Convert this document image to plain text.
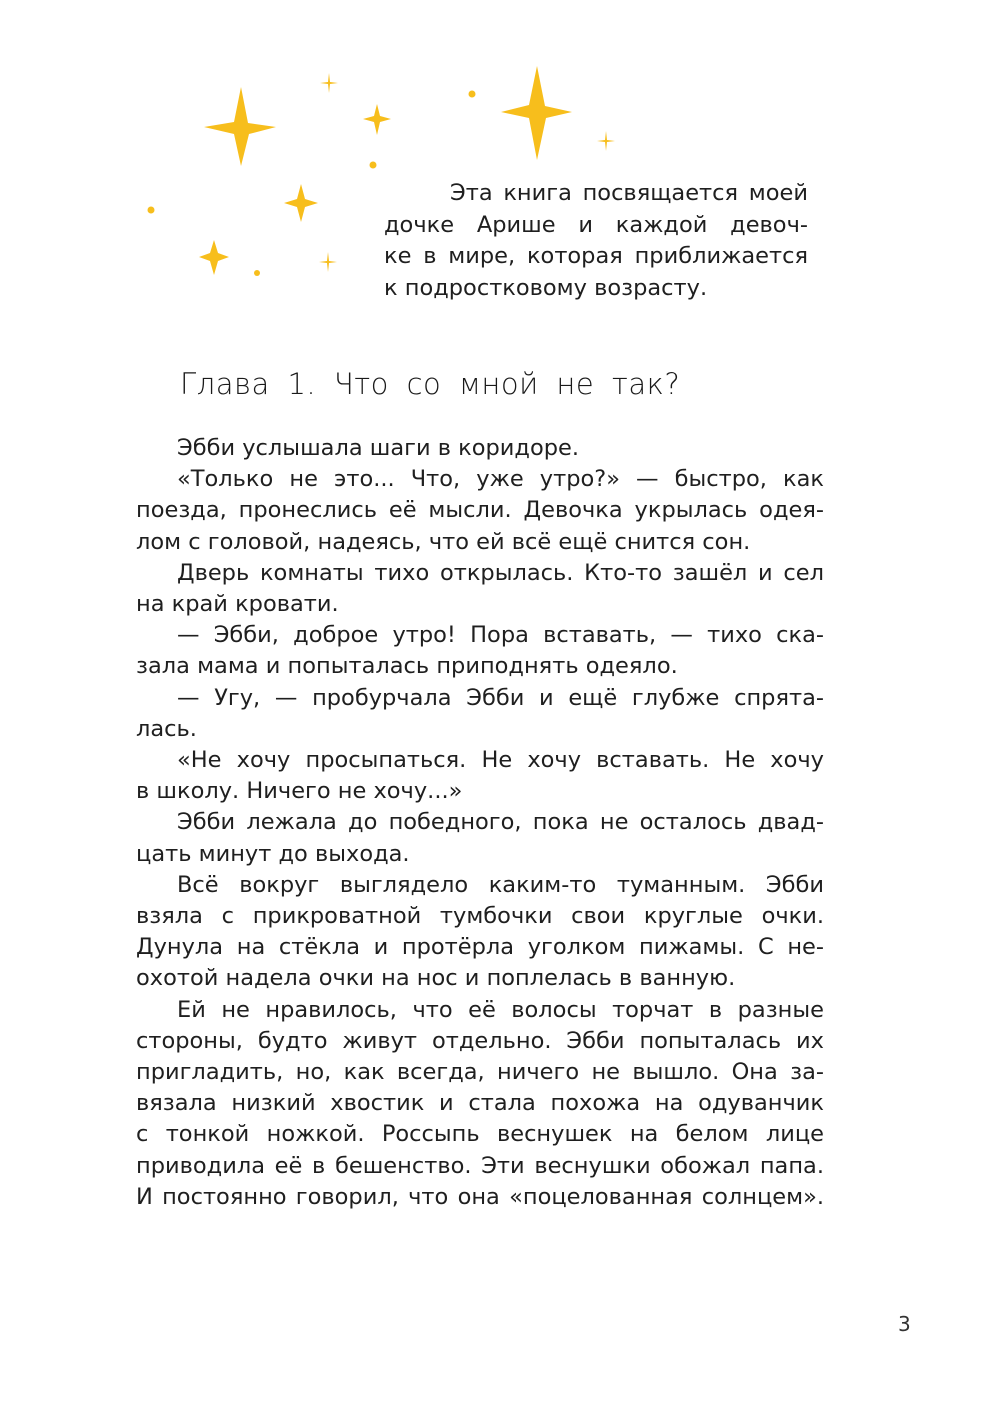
Эта книга посвящается моей
дочке Арише и каждой девоч-
ке в мире, которая приближается
к подростковому возрасту.
Глава 1. Что со мной не так?
Эбби услышала шаги в коридоре.
«Только не это... Что, уже утро?» — быстро, как
поезда, пронеслись её мысли. Девочка укрылась одея-
лом с головой, надеясь, что ей всё ещё снится сон.
Дверь комнаты тихо открылась. Кто-то зашёл и сел
на край кровати.
— Эбби, доброе утро! Пора вставать, — тихо ска-
зала мама и попыталась приподнять одеяло.
— Угу, — пробурчала Эбби и ещё глубже спрята-
лась.
«Не хочу просыпаться. Не хочу вставать. Не хочу
в школу. Ничего не хочу...»
Эбби лежала до победного, пока не осталось двад-
цать минут до выхода.
Всё вокруг выглядело каким-то туманным. Эбби
взяла с прикроватной тумбочки свои круглые очки.
Дунула на стёкла и протёрла уголком пижамы. С не-
охотой надела очки на нос и поплелась в ванную.
Ей не нравилось, что её волосы торчат в разные
стороны, будто живут отдельно. Эбби попыталась их
пригладить, но, как всегда, ничего не вышло. Она за-
вязала низкий хвостик и стала похожа на одуванчик
с тонкой ножкой. Россыпь веснушек на белом лице
приводила её в бешенство. Эти веснушки обожал папа.
И постоянно говорил, что она «поцелованная солнцем».
3
